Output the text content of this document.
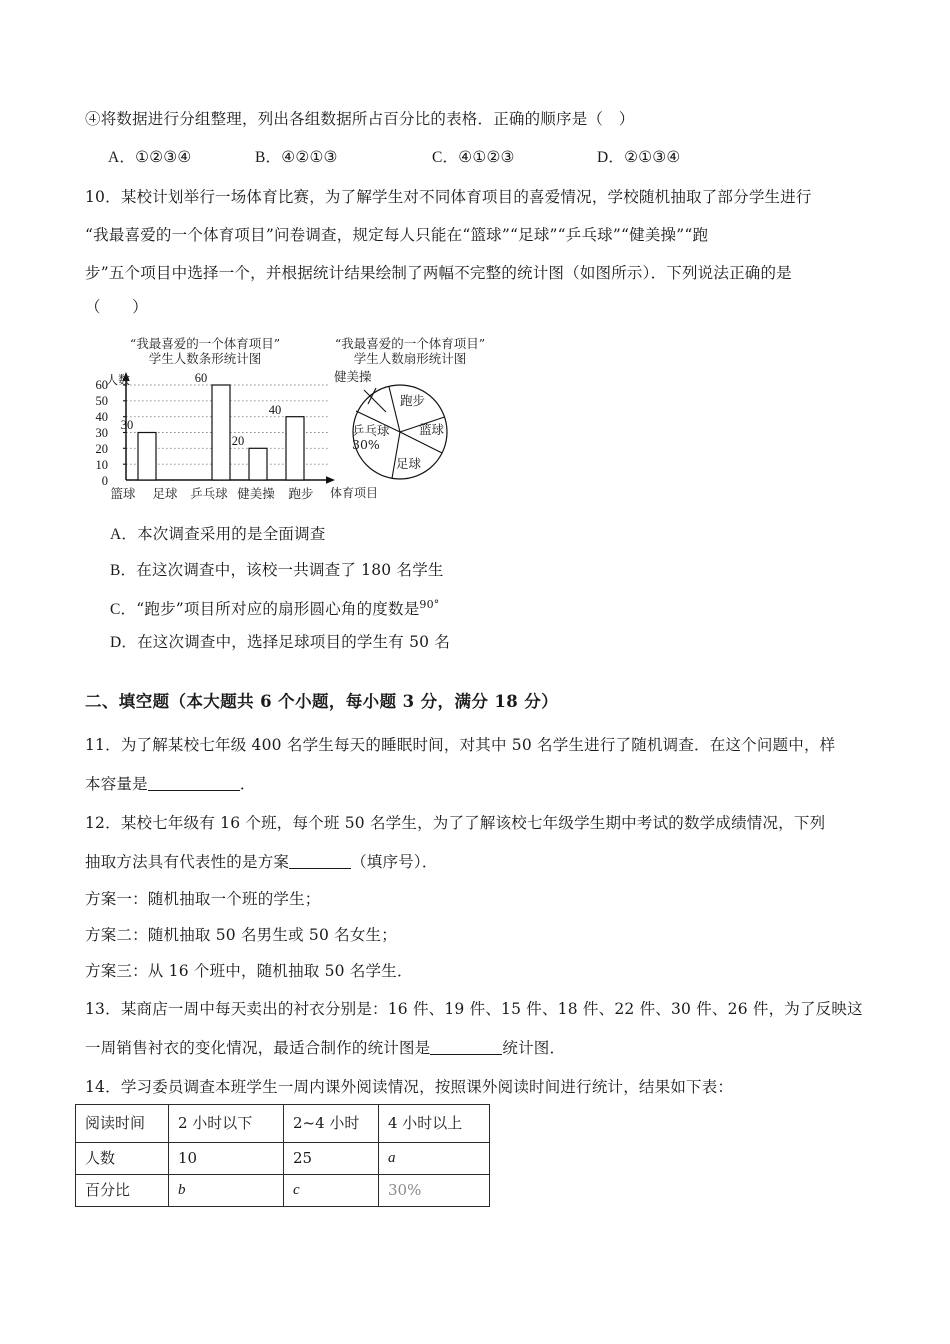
④将数据进行分组整理，列出各组数据所占百分比的表格．正确的顺序是（　）
A．①②③④	B．④②①③	C．④①②③	D．②①③④
10．某校计划举行一场体育比赛，为了解学生对不同体育项目的喜爱情况，学校随机抽取了部分学生进行
“我最喜爱的一个体育项目”问卷调查，规定每人只能在“篮球”“足球”“乒乓球”“健美操”“跑
步”五个项目中选择一个，并根据统计结果绘制了两幅不完整的统计图（如图所示）．下列说法正确的是
（　　）
“我最喜爱的一个体育项目”
学生人数条形统计图
人数
体育项目
60
50
40
30
20
10
0
30
60
20
40
篮球	足球	乒乓球 健美操	跑步
“我最喜爱的一个体育项目”
学生人数扇形统计图
健美操
跑步
篮球
足球
乒乓球
30%
A．本次调查采用的是全面调查
B．在这次调查中，该校一共调查了 180 名学生
C．“跑步”项目所对应的扇形圆心角的度数是$^{90^\circ}$
D．在这次调查中，选择足球项目的学生有 50 名
二、填空题（本大题共 6 个小题，每小题 3 分，满分 18 分）
11．为了解某校七年级 400 名学生每天的睡眠时间，对其中 50 名学生进行了随机调查．在这个问题中，样
本容量是	．
12．某校七年级有 16 个班，每个班 50 名学生，为了了解该校七年级学生期中考试的数学成绩情况，下列
抽取方法具有代表性的是方案	（填序号）．
方案一：随机抽取一个班的学生；
方案二：随机抽取 50 名男生或 50 名女生；
方案三：从 16 个班中，随机抽取 50 名学生．
13．某商店一周中每天卖出的衬衣分别是：16 件、19 件、15 件、18 件、22 件、30 件、26 件，为了反映这
一周销售衬衣的变化情况，最适合制作的统计图是	统计图．
14．学习委员调查本班学生一周内课外阅读情况，按照课外阅读时间进行统计，结果如下表：
阅读时间	2 小时以下	2~4 小时	4 小时以上
人数	10	25	a
百分比	b	c	30%
